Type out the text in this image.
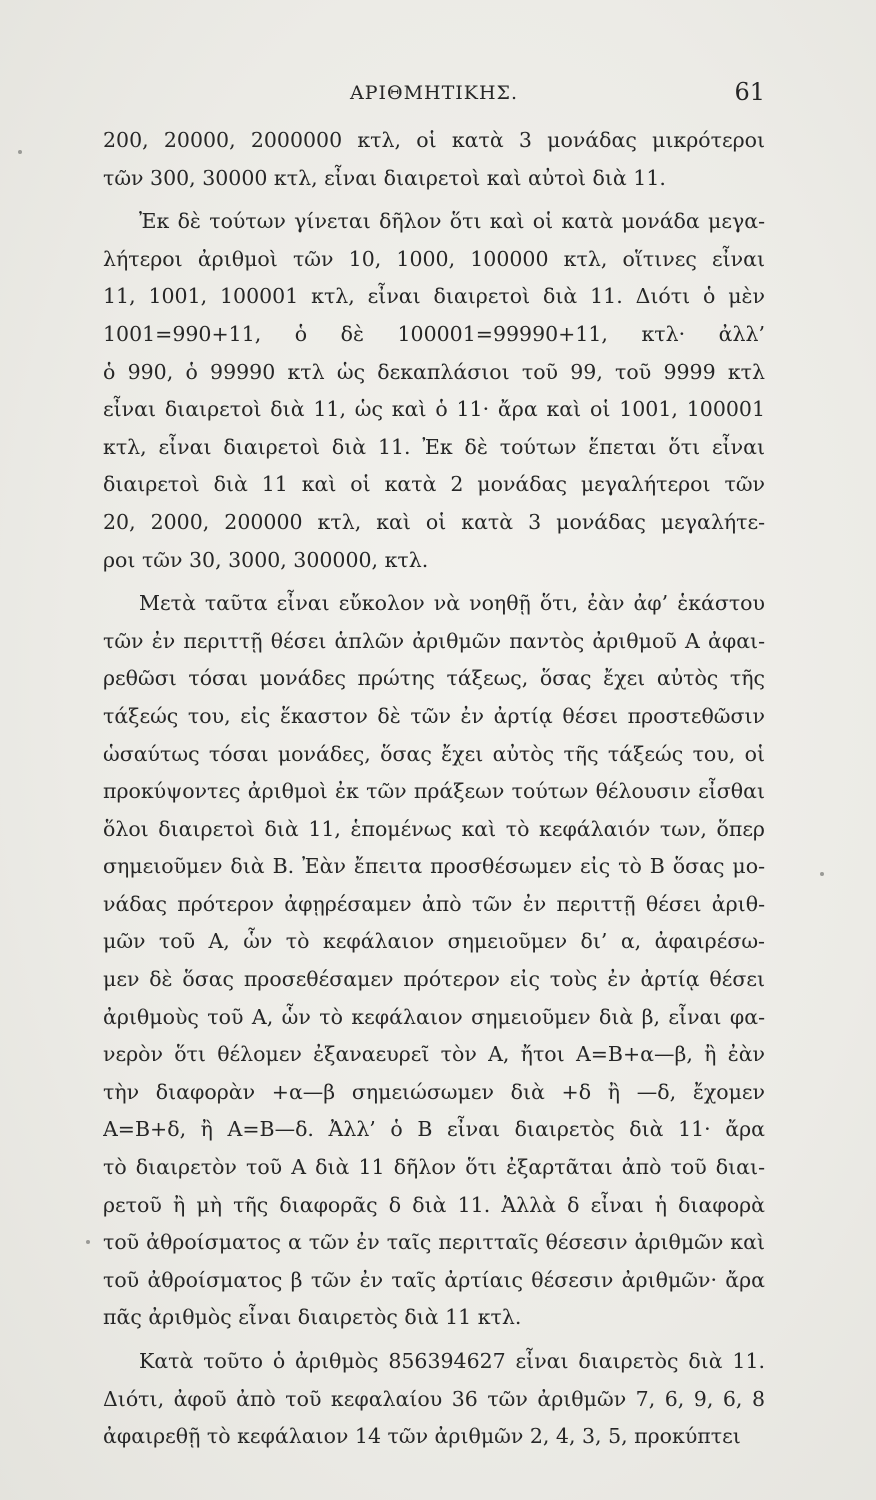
ΑΡΙΘΜΗΤΙΚΗΣ.	61
200, 20000, 2000000 κτλ, οἱ κατὰ 3 μονάδας μικρότεροι
τῶν 300, 30000 κτλ, εἶναι διαιρετοὶ καὶ αὐτοὶ διὰ 11.
Ἐκ δὲ τούτων γίνεται δῆλον ὅτι καὶ οἱ κατὰ μονάδα μεγα-
λήτεροι ἀριθμοὶ τῶν 10, 1000, 100000 κτλ, οἵτινες εἶναι
11, 1001, 100001 κτλ, εἶναι διαιρετοὶ διὰ 11. Διότι ὁ μὲν
1001=990+11, ὁ δὲ 100001=99990+11, κτλ· ἀλλ’
ὁ 990, ὁ 99990 κτλ ὡς δεκαπλάσιοι τοῦ 99, τοῦ 9999 κτλ
εἶναι διαιρετοὶ διὰ 11, ὡς καὶ ὁ 11· ἄρα καὶ οἱ 1001, 100001
κτλ, εἶναι διαιρετοὶ διὰ 11. Ἐκ δὲ τούτων ἕπεται ὅτι εἶναι
διαιρετοὶ διὰ 11 καὶ οἱ κατὰ 2 μονάδας μεγαλήτεροι τῶν
20, 2000, 200000 κτλ, καὶ οἱ κατὰ 3 μονάδας μεγαλήτε-
ροι τῶν 30, 3000, 300000, κτλ.
Μετὰ ταῦτα εἶναι εὔκολον νὰ νοηθῇ ὅτι, ἐὰν ἀφ’ ἑκάστου
τῶν ἐν περιττῇ θέσει ἁπλῶν ἀριθμῶν παντὸς ἀριθμοῦ Α ἀφαι-
ρεθῶσι τόσαι μονάδες πρώτης τάξεως, ὅσας ἔχει αὐτὸς τῆς
τάξεώς του, εἰς ἕκαστον δὲ τῶν ἐν ἀρτίᾳ θέσει προστεθῶσιν
ὡσαύτως τόσαι μονάδες, ὅσας ἔχει αὐτὸς τῆς τάξεώς του, οἱ
προκύψοντες ἀριθμοὶ ἐκ τῶν πράξεων τούτων θέλουσιν εἶσθαι
ὅλοι διαιρετοὶ διὰ 11, ἑπομένως καὶ τὸ κεφάλαιόν των, ὅπερ
σημειοῦμεν διὰ Β. Ἐὰν ἔπειτα προσθέσωμεν εἰς τὸ Β ὅσας μο-
νάδας πρότερον ἀφῃρέσαμεν ἀπὸ τῶν ἐν περιττῇ θέσει ἀριθ-
μῶν τοῦ Α, ὧν τὸ κεφάλαιον σημειοῦμεν δι’ α, ἀφαιρέσω-
μεν δὲ ὅσας προσεθέσαμεν πρότερον εἰς τοὺς ἐν ἀρτίᾳ θέσει
ἀριθμοὺς τοῦ Α, ὧν τὸ κεφάλαιον σημειοῦμεν διὰ β, εἶναι φα-
νερὸν ὅτι θέλομεν ἐξαναευρεῖ τὸν Α, ἤτοι Α=Β+α—β, ἢ ἐὰν
τὴν διαφορὰν +α—β σημειώσωμεν διὰ +δ ἢ —δ, ἔχομεν
Α=Β+δ, ἢ Α=Β—δ. Ἀλλ’ ὁ Β εἶναι διαιρετὸς διὰ 11· ἄρα
τὸ διαιρετὸν τοῦ Α διὰ 11 δῆλον ὅτι ἐξαρτᾶται ἀπὸ τοῦ διαι-
ρετοῦ ἢ μὴ τῆς διαφορᾶς δ διὰ 11. Ἀλλὰ δ εἶναι ἡ διαφορὰ
τοῦ ἀθροίσματος α τῶν ἐν ταῖς περιτταῖς θέσεσιν ἀριθμῶν καὶ
τοῦ ἀθροίσματος β τῶν ἐν ταῖς ἀρτίαις θέσεσιν ἀριθμῶν· ἄρα
πᾶς ἀριθμὸς εἶναι διαιρετὸς διὰ 11 κτλ.
Κατὰ τοῦτο ὁ ἀριθμὸς 856394627 εἶναι διαιρετὸς διὰ 11.
Διότι, ἀφοῦ ἀπὸ τοῦ κεφαλαίου 36 τῶν ἀριθμῶν 7, 6, 9, 6, 8
ἀφαιρεθῇ τὸ κεφάλαιον 14 τῶν ἀριθμῶν 2, 4, 3, 5, προκύπτει
